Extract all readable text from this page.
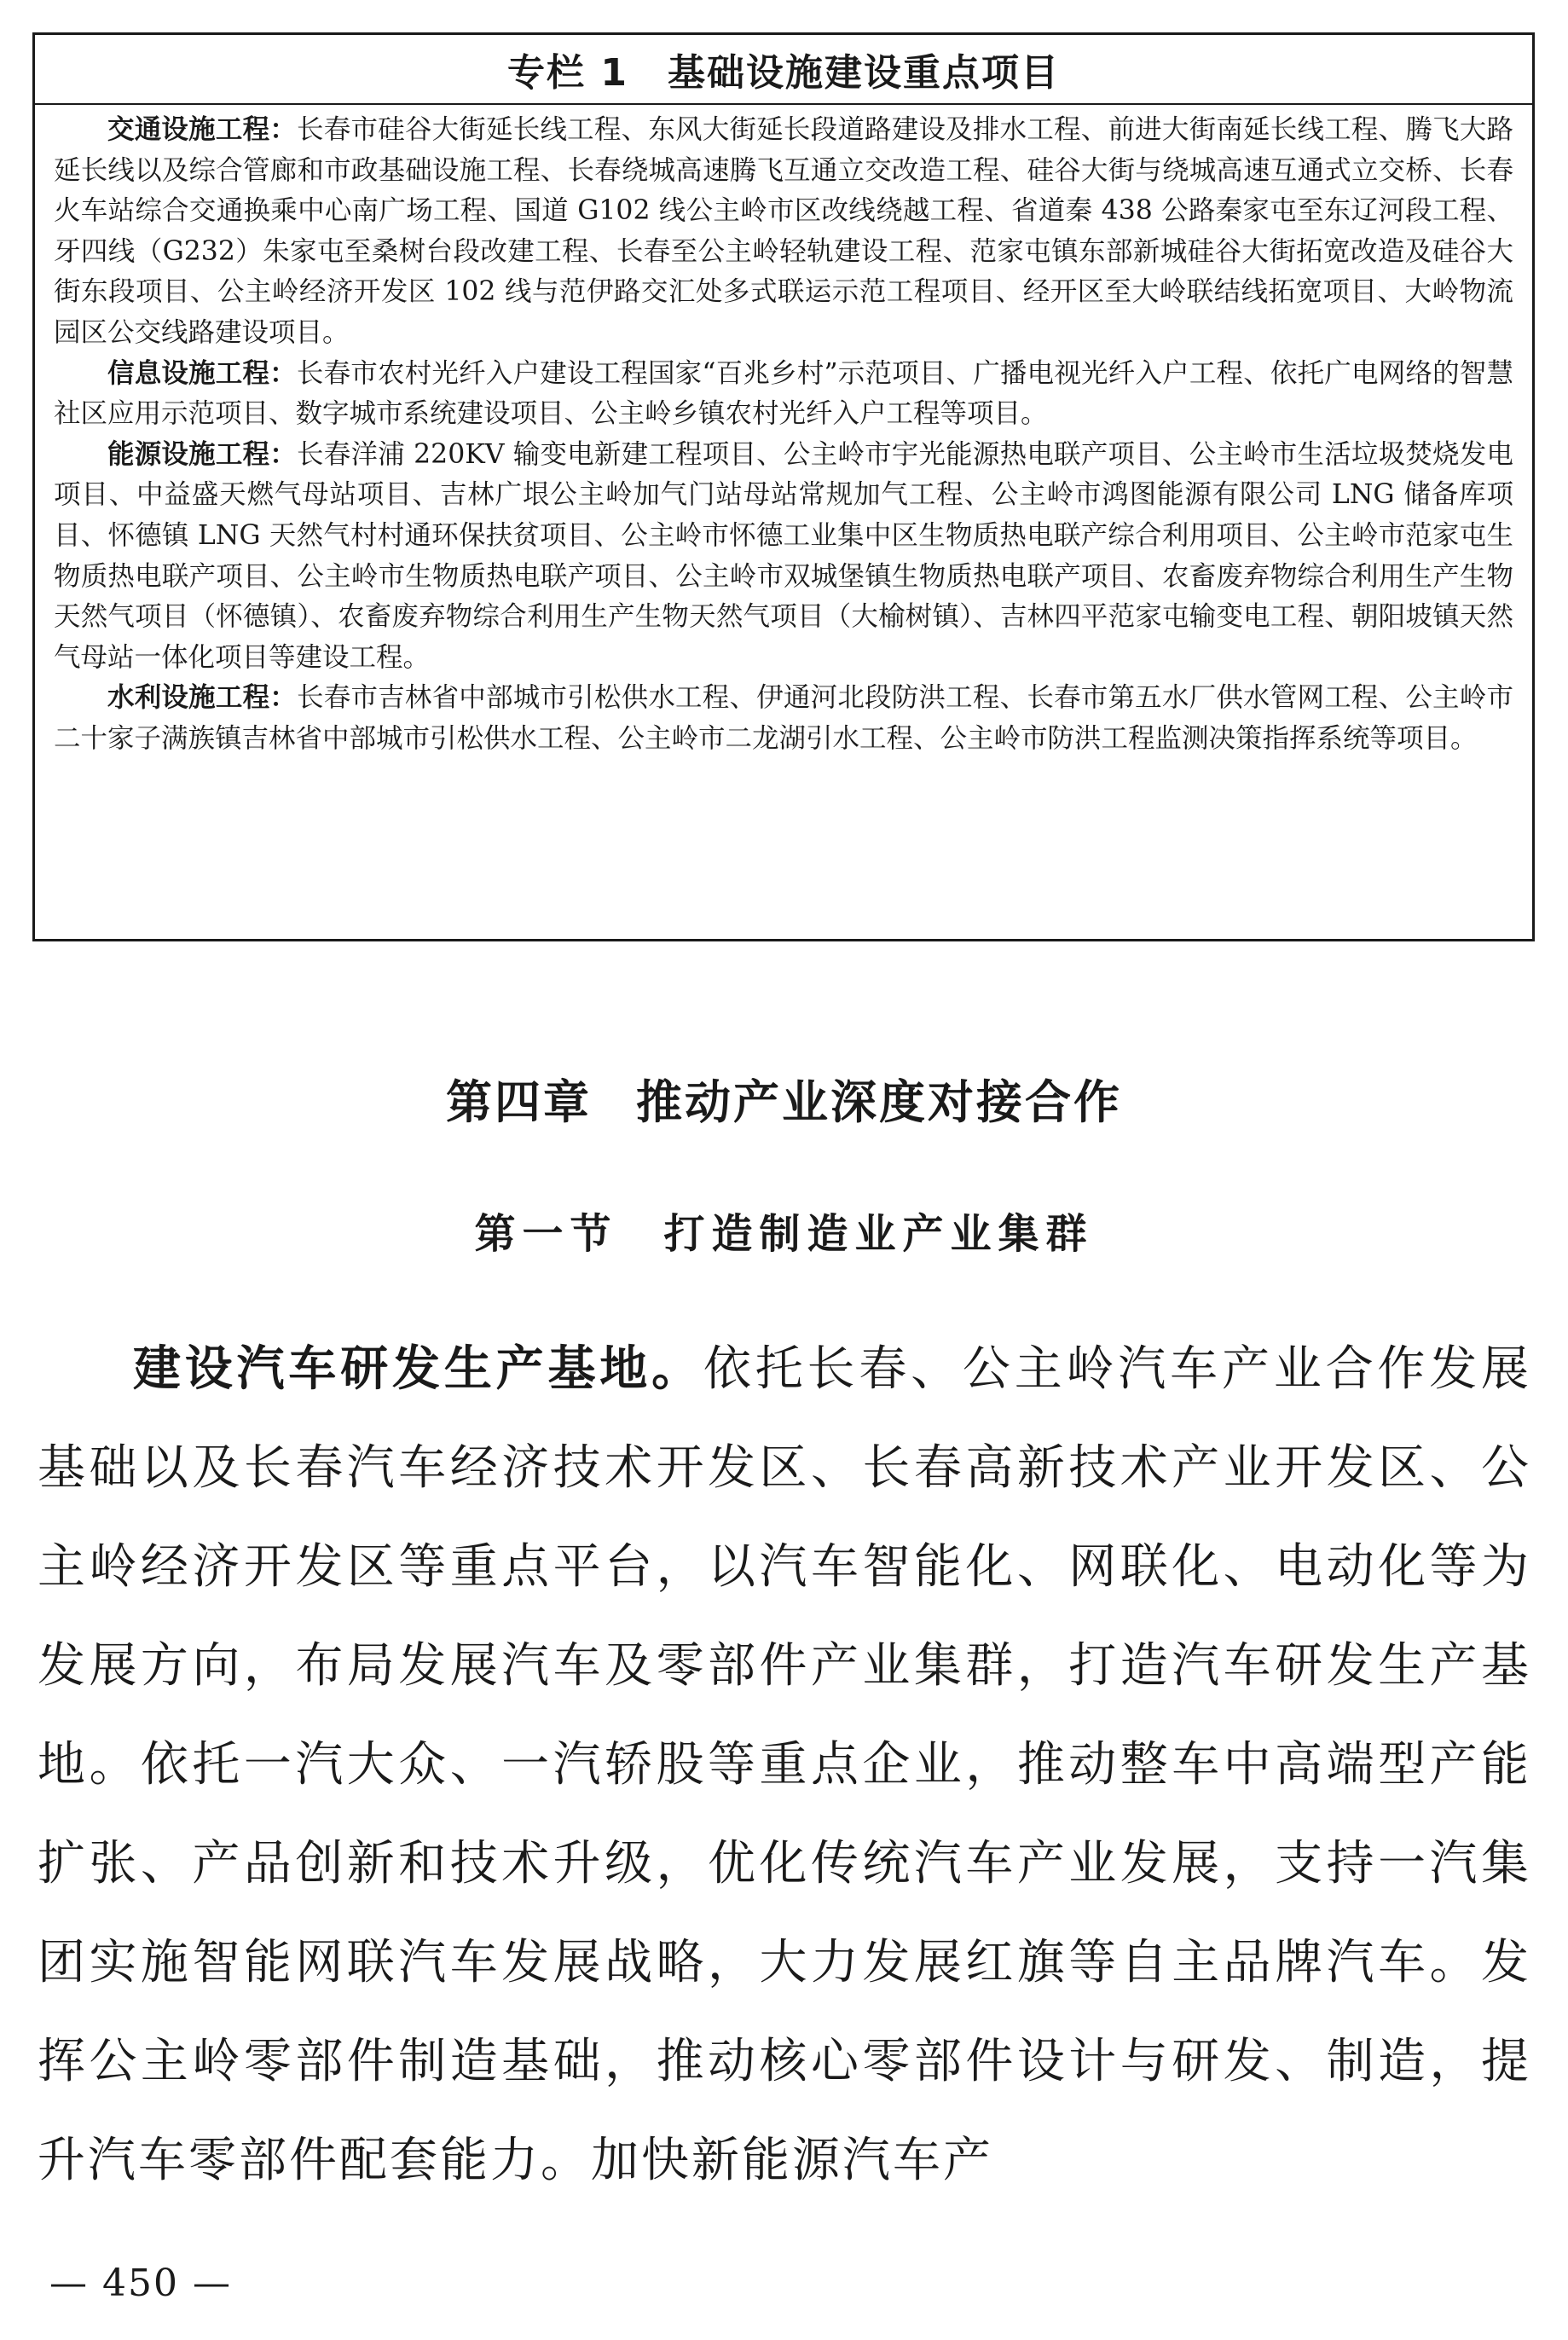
专栏 1 基础设施建设重点项目

交通设施工程：长春市硅谷大街延长线工程、东风大街延长段道路建设及排水工程、前进大街南延长线工程、腾飞大路延长线以及综合管廊和市政基础设施工程、长春绕城高速腾飞互通立交改造工程、硅谷大街与绕城高速互通式立交桥、长春火车站综合交通换乘中心南广场工程、国道 G102 线公主岭市区改线绕越工程、省道秦 438 公路秦家屯至东辽河段工程、牙四线（G232）朱家屯至桑树台段改建工程、长春至公主岭轻轨建设工程、范家屯镇东部新城硅谷大街拓宽改造及硅谷大街东段项目、公主岭经济开发区 102 线与范伊路交汇处多式联运示范工程项目、经开区至大岭联结线拓宽项目、大岭物流园区公交线路建设项目。

信息设施工程：长春市农村光纤入户建设工程国家“百兆乡村”示范项目、广播电视光纤入户工程、依托广电网络的智慧社区应用示范项目、数字城市系统建设项目、公主岭乡镇农村光纤入户工程等项目。

能源设施工程：长春洋浦 220KV 输变电新建工程项目、公主岭市宇光能源热电联产项目、公主岭市生活垃圾焚烧发电项目、中益盛天燃气母站项目、吉林广垠公主岭加气门站母站常规加气工程、公主岭市鸿图能源有限公司 LNG 储备库项目、怀德镇 LNG 天然气村村通环保扶贫项目、公主岭市怀德工业集中区生物质热电联产综合利用项目、公主岭市范家屯生物质热电联产项目、公主岭市生物质热电联产项目、公主岭市双城堡镇生物质热电联产项目、农畜废弃物综合利用生产生物天然气项目（怀德镇）、农畜废弃物综合利用生产生物天然气项目（大榆树镇）、吉林四平范家屯输变电工程、朝阳坡镇天然气母站一体化项目等建设工程。

水利设施工程：长春市吉林省中部城市引松供水工程、伊通河北段防洪工程、长春市第五水厂供水管网工程、公主岭市二十家子满族镇吉林省中部城市引松供水工程、公主岭市二龙湖引水工程、公主岭市防洪工程监测决策指挥系统等项目。

第四章 推动产业深度对接合作
第一节 打造制造业产业集群

建设汽车研发生产基地。依托长春、公主岭汽车产业合作发展基础以及长春汽车经济技术开发区、长春高新技术产业开发区、公主岭经济开发区等重点平台，以汽车智能化、网联化、电动化等为发展方向，布局发展汽车及零部件产业集群，打造汽车研发生产基地。依托一汽大众、一汽轿股等重点企业，推动整车中高端型产能扩张、产品创新和技术升级，优化传统汽车产业发展，支持一汽集团实施智能网联汽车发展战略，大力发展红旗等自主品牌汽车。发挥公主岭零部件制造基础，推动核心零部件设计与研发、制造，提升汽车零部件配套能力。加快新能源汽车产

— 450 —
